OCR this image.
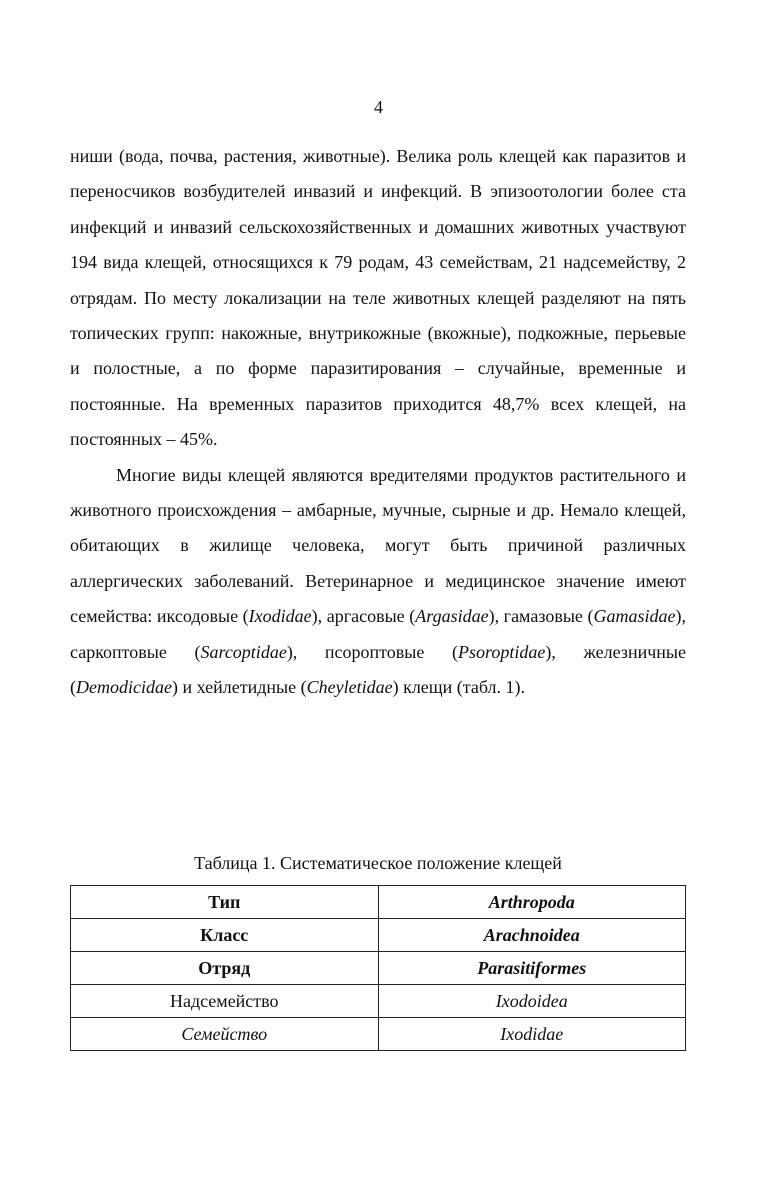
4

ниши (вода, почва, растения, животные). Велика роль клещей как паразитов и переносчиков возбудителей инвазий и инфекций. В эпизоотологии более ста инфекций и инвазий сельскохозяйственных и домашних животных участвуют 194 вида клещей, относящихся к 79 родам, 43 семействам, 21 надсемейству, 2 отрядам. По месту локализации на теле животных клещей разделяют на пять топических групп: накожные, внутрикожные (вкожные), подкожные, перьевые и полостные, а по форме паразитирования – случайные, временные и постоянные. На временных паразитов приходится 48,7% всех клещей, на постоянных – 45%.

Многие виды клещей являются вредителями продуктов растительного и животного происхождения – амбарные, мучные, сырные и др. Немало клещей, обитающих в жилище человека, могут быть причиной различных аллергических заболеваний. Ветеринарное и медицинское значение имеют семейства: иксодовые (Ixodidae), аргасовые (Argasidae), гамазовые (Gamasidae), саркоптовые (Sarcoptidae), псороптовые (Psoroptidae), железничные (Demodicidae) и хейлетидные (Cheyletidae) клещи (табл. 1).

Таблица 1. Систематическое положение клещей
Тип	Arthropoda
Класс	Arachnoidea
Отряд	Parasitiformes
Надсемейство	Ixodoidea
Семейство	Ixodidae
